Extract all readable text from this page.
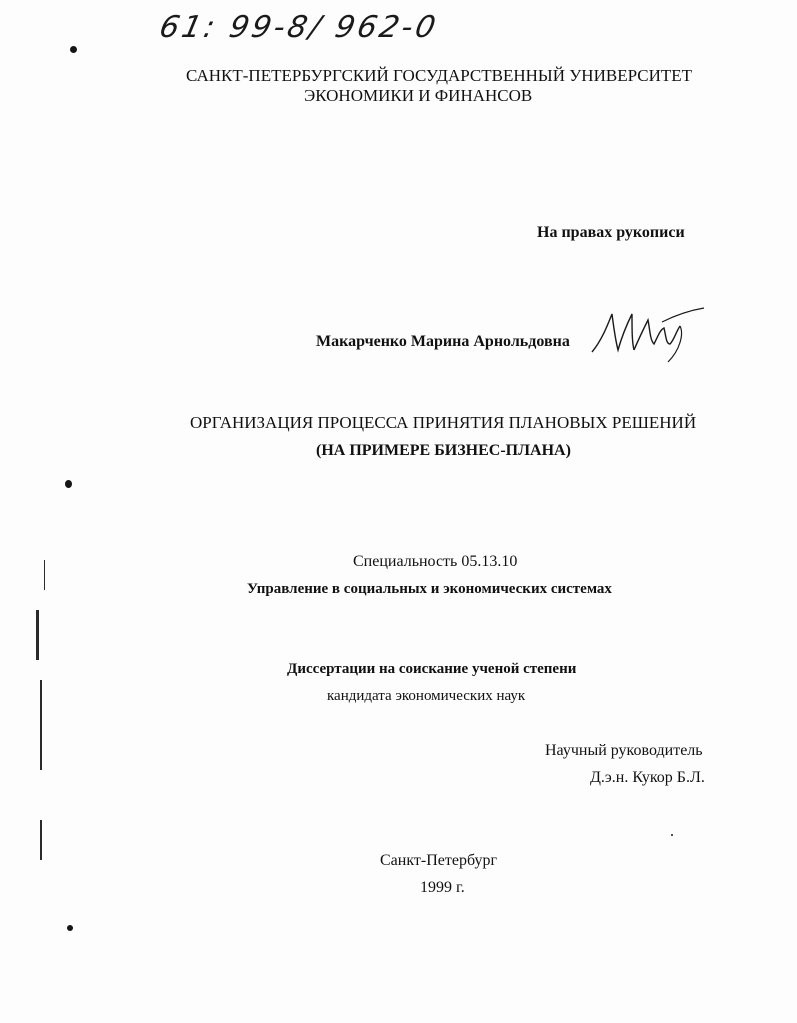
61: 99-8/ 962-0
САНКТ-ПЕТЕРБУРГСКИЙ ГОСУДАРСТВЕННЫЙ УНИВЕРСИТЕТ
ЭКОНОМИКИ И ФИНАНСОВ
На правах рукописи
Макарченко Марина Арнольдовна
ОРГАНИЗАЦИЯ ПРОЦЕССА ПРИНЯТИЯ ПЛАНОВЫХ РЕШЕНИЙ
(НА ПРИМЕРЕ БИЗНЕС-ПЛАНА)
Специальность 05.13.10
Управление в социальных и экономических системах
Диссертации на соискание ученой степени
кандидата экономических наук
Научный руководитель
Д.э.н. Кукор Б.Л.
Санкт-Петербург
1999 г.
